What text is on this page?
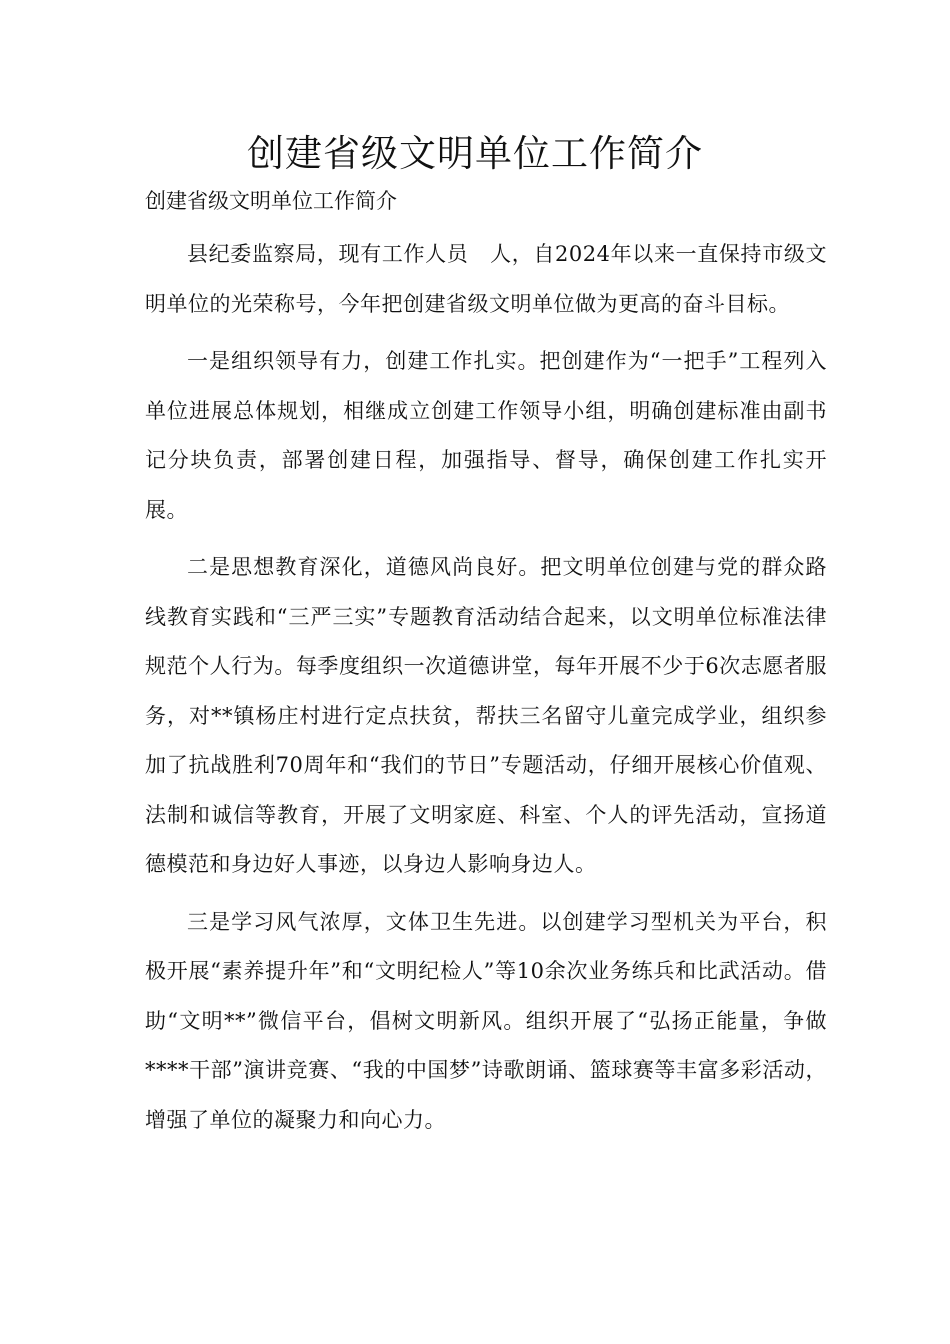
创建省级文明单位工作简介

创建省级文明单位工作简介

县纪委监察局，现有工作人员　人，自2024年以来一直保持市级文明单位的光荣称号，今年把创建省级文明单位做为更高的奋斗目标。

一是组织领导有力，创建工作扎实。把创建作为“一把手”工程列入单位进展总体规划，相继成立创建工作领导小组，明确创建标准由副书记分块负责，部署创建日程，加强指导、督导，确保创建工作扎实开展。

二是思想教育深化，道德风尚良好。把文明单位创建与党的群众路线教育实践和“三严三实”专题教育活动结合起来，以文明单位标准法律规范个人行为。每季度组织一次道德讲堂，每年开展不少于6次志愿者服务，对**镇杨庄村进行定点扶贫，帮扶三名留守儿童完成学业，组织参加了抗战胜利70周年和“我们的节日”专题活动，仔细开展核心价值观、法制和诚信等教育，开展了文明家庭、科室、个人的评先活动，宣扬道德模范和身边好人事迹，以身边人影响身边人。

三是学习风气浓厚，文体卫生先进。以创建学习型机关为平台，积极开展“素养提升年”和“文明纪检人”等10余次业务练兵和比武活动。借助“文明**”微信平台，倡树文明新风。组织开展了“弘扬正能量，争做****干部”演讲竞赛、“我的中国梦”诗歌朗诵、篮球赛等丰富多彩活动，增强了单位的凝聚力和向心力。
